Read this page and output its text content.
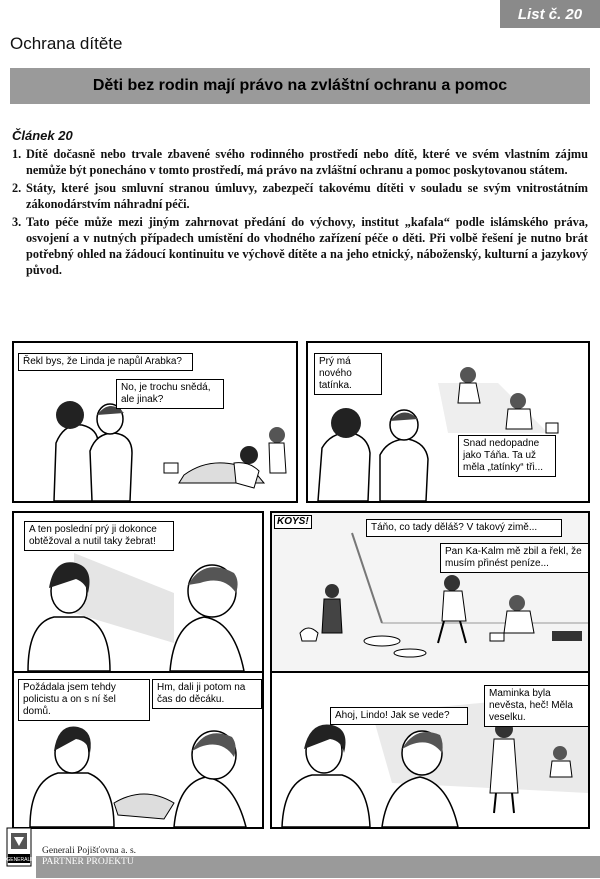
List č. 20
Ochrana dítěte
Děti bez rodin mají právo na zvláštní ochranu a pomoc
Článek 20
1. Dítě dočasně nebo trvale zbavené svého rodinného prostředí nebo dítě, které ve svém vlastním zájmu nemůže být ponecháno v tomto prostředí, má právo na zvláštní ochranu a pomoc poskytovanou státem.
2. Státy, které jsou smluvní stranou úmluvy, zabezpečí takovému dítěti v souladu se svým vnitrostátním zákonodárstvím náhradní péči.
3. Tato péče může mezi jiným zahrnovat předání do výchovy, institut „kafala“ podle islámského práva, osvojení a v nutných případech umístění do vhodného zařízení péče o děti. Při volbě řešení je nutno brát potřebný ohled na žádoucí kontinuitu ve výchově dítěte a na jeho etnický, náboženský, kulturní a jazykový původ.
Řekl bys, že Linda je napůl Arabka?
No, je trochu snědá, ale jinak?
Prý má nového tatínka.
Snad nedopadne jako Táňa. Ta už měla „tatínky“ tři...
A ten poslední prý ji dokonce obtěžoval a nutil taky žebrat!
KOYS!
Táňo, co tady děláš? V takový zimě...
Pan Ka-Kalm mě zbil a řekl, že musím přinést peníze...
Požádala jsem tehdy policistu a on s ní šel domů.
Hm, dali ji potom na čas do děcáku.
Ahoj, Lindo! Jak se vede?
Maminka byla nevěsta, heč! Měla veselku.
GENERALI
Generali Pojišťovna a. s.
PARTNER PROJEKTU
